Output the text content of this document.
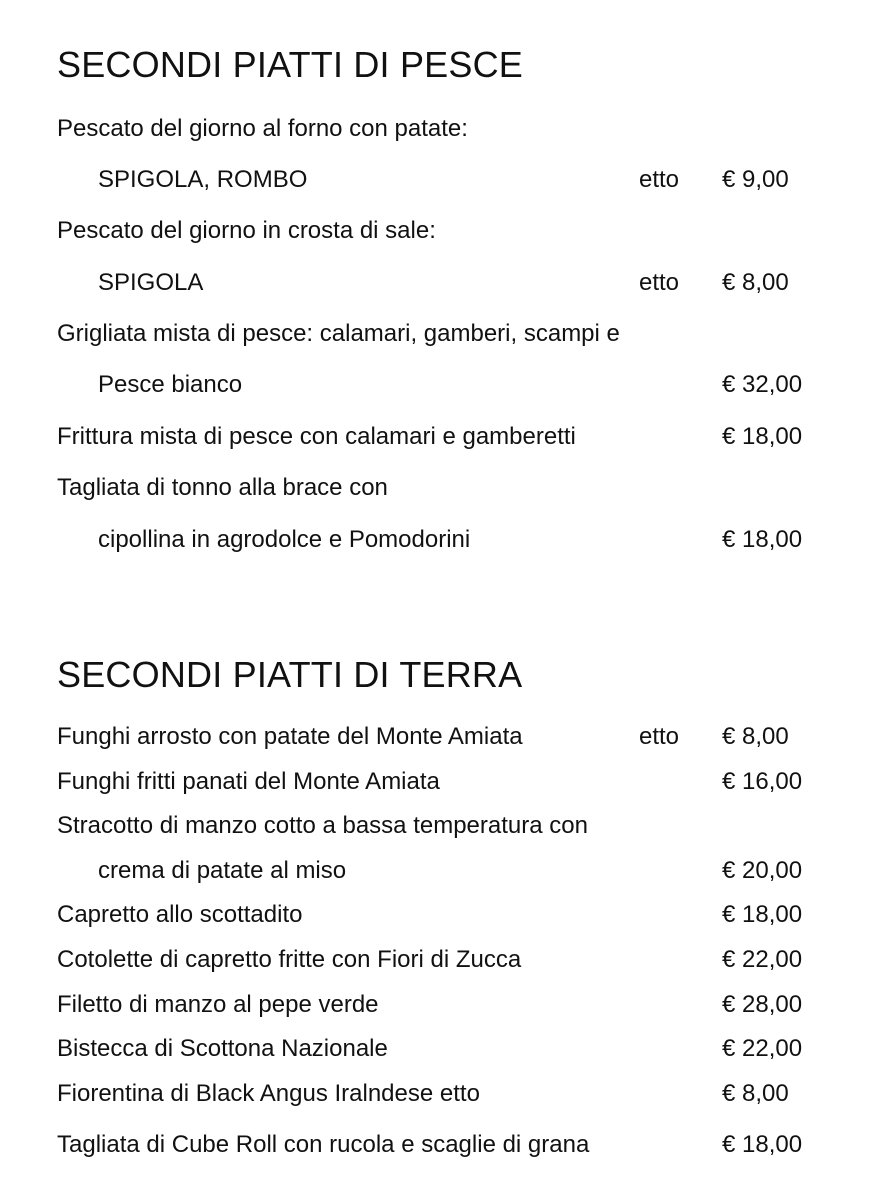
SECONDI PIATTI DI PESCE
Pescato del giorno al forno con patate:
SPIGOLA, ROMBO	etto € 9,00
Pescato del giorno in crosta di sale:
SPIGOLA	etto € 8,00
Grigliata mista di pesce: calamari, gamberi, scampi e
Pesce bianco	€ 32,00
Frittura mista di pesce con calamari e gamberetti	€ 18,00
Tagliata di tonno alla brace con
cipollina in agrodolce e Pomodorini	€ 18,00
SECONDI PIATTI DI TERRA
Funghi arrosto con patate del Monte Amiata	etto € 8,00
Funghi fritti panati del Monte Amiata	€ 16,00
Stracotto di manzo cotto a bassa temperatura con
crema di patate al miso	€ 20,00
Capretto allo scottadito	€ 18,00
Cotolette di capretto fritte con Fiori di Zucca	€ 22,00
Filetto di manzo al pepe verde	€ 28,00
Bistecca di Scottona Nazionale	€ 22,00
Fiorentina di Black Angus Iralndese etto	€ 8,00
Tagliata di Cube Roll con rucola e scaglie di grana	€ 18,00
